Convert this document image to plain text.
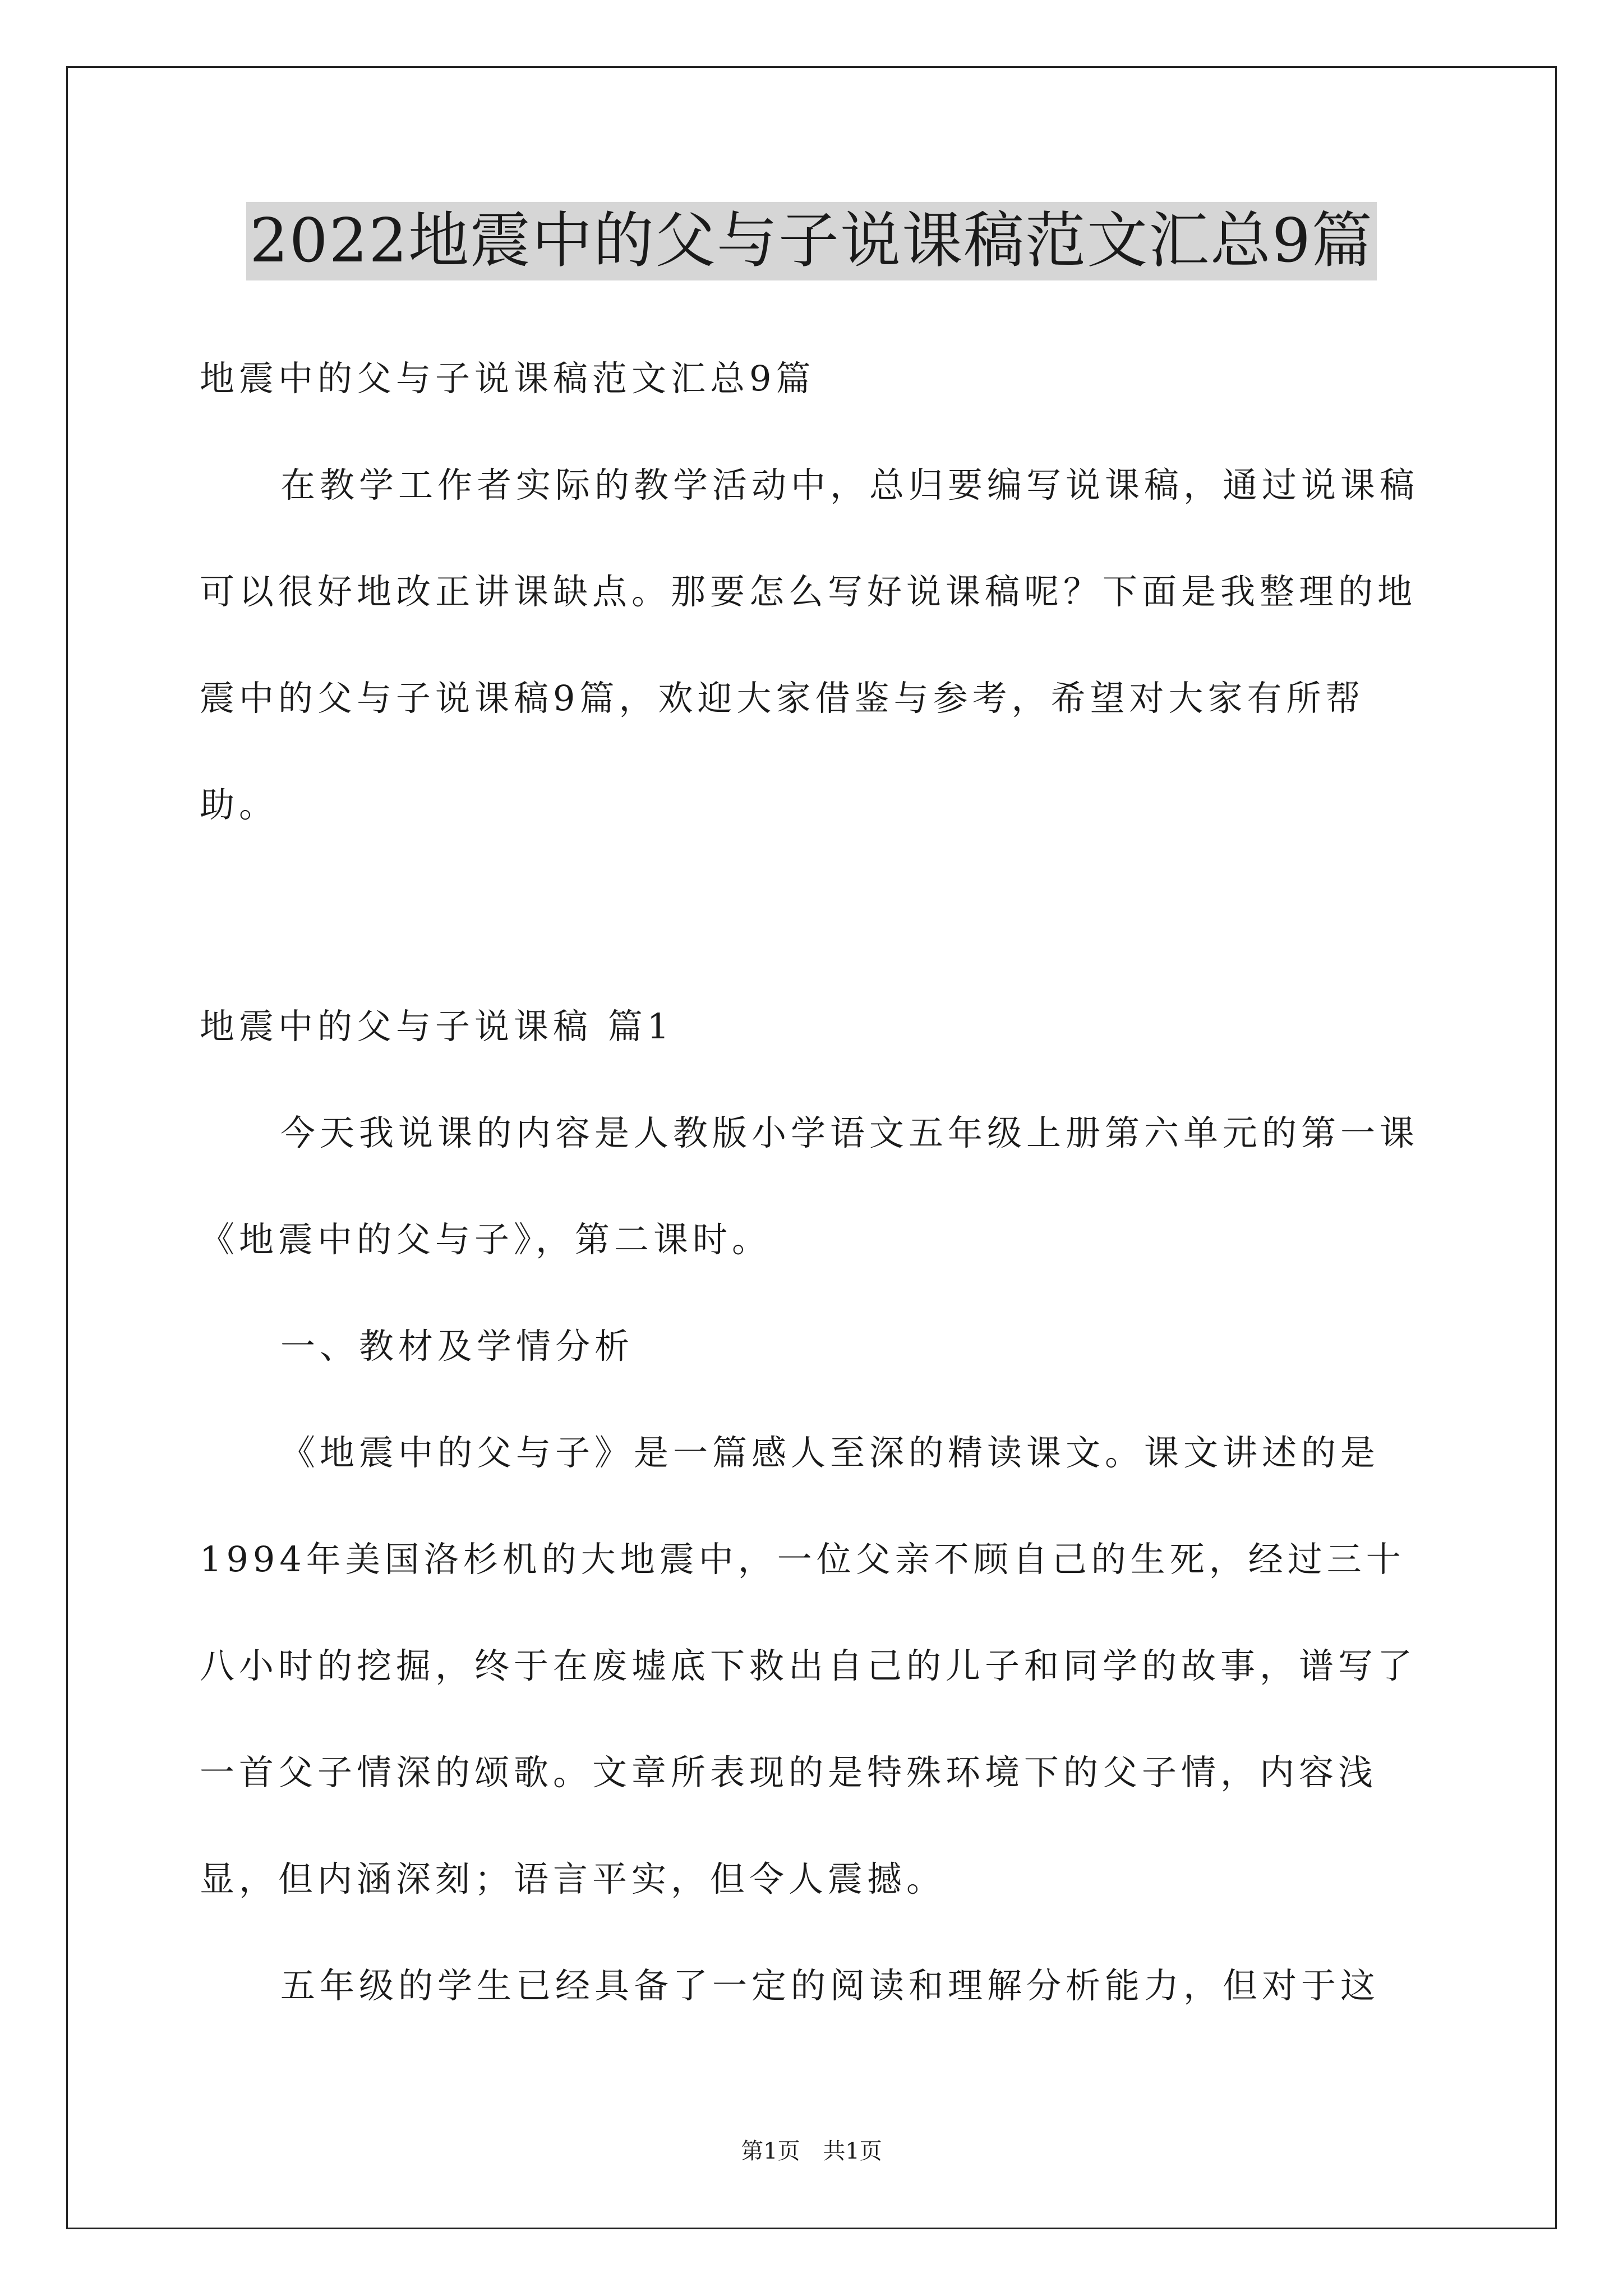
2022地震中的父与子说课稿范文汇总9篇

地震中的父与子说课稿范文汇总9篇

在教学工作者实际的教学活动中，总归要编写说课稿，通过说课稿可以很好地改正讲课缺点。那要怎么写好说课稿呢？下面是我整理的地震中的父与子说课稿9篇，欢迎大家借鉴与参考，希望对大家有所帮助。

地震中的父与子说课稿 篇1

今天我说课的内容是人教版小学语文五年级上册第六单元的第一课《地震中的父与子》，第二课时。

一、教材及学情分析

《地震中的父与子》是一篇感人至深的精读课文。课文讲述的是1994年美国洛杉机的大地震中，一位父亲不顾自己的生死，经过三十八小时的挖掘，终于在废墟底下救出自己的儿子和同学的故事，谱写了一首父子情深的颂歌。文章所表现的是特殊环境下的父子情，内容浅显，但内涵深刻；语言平实，但令人震撼。

五年级的学生已经具备了一定的阅读和理解分析能力，但对于这

第1页 共1页
